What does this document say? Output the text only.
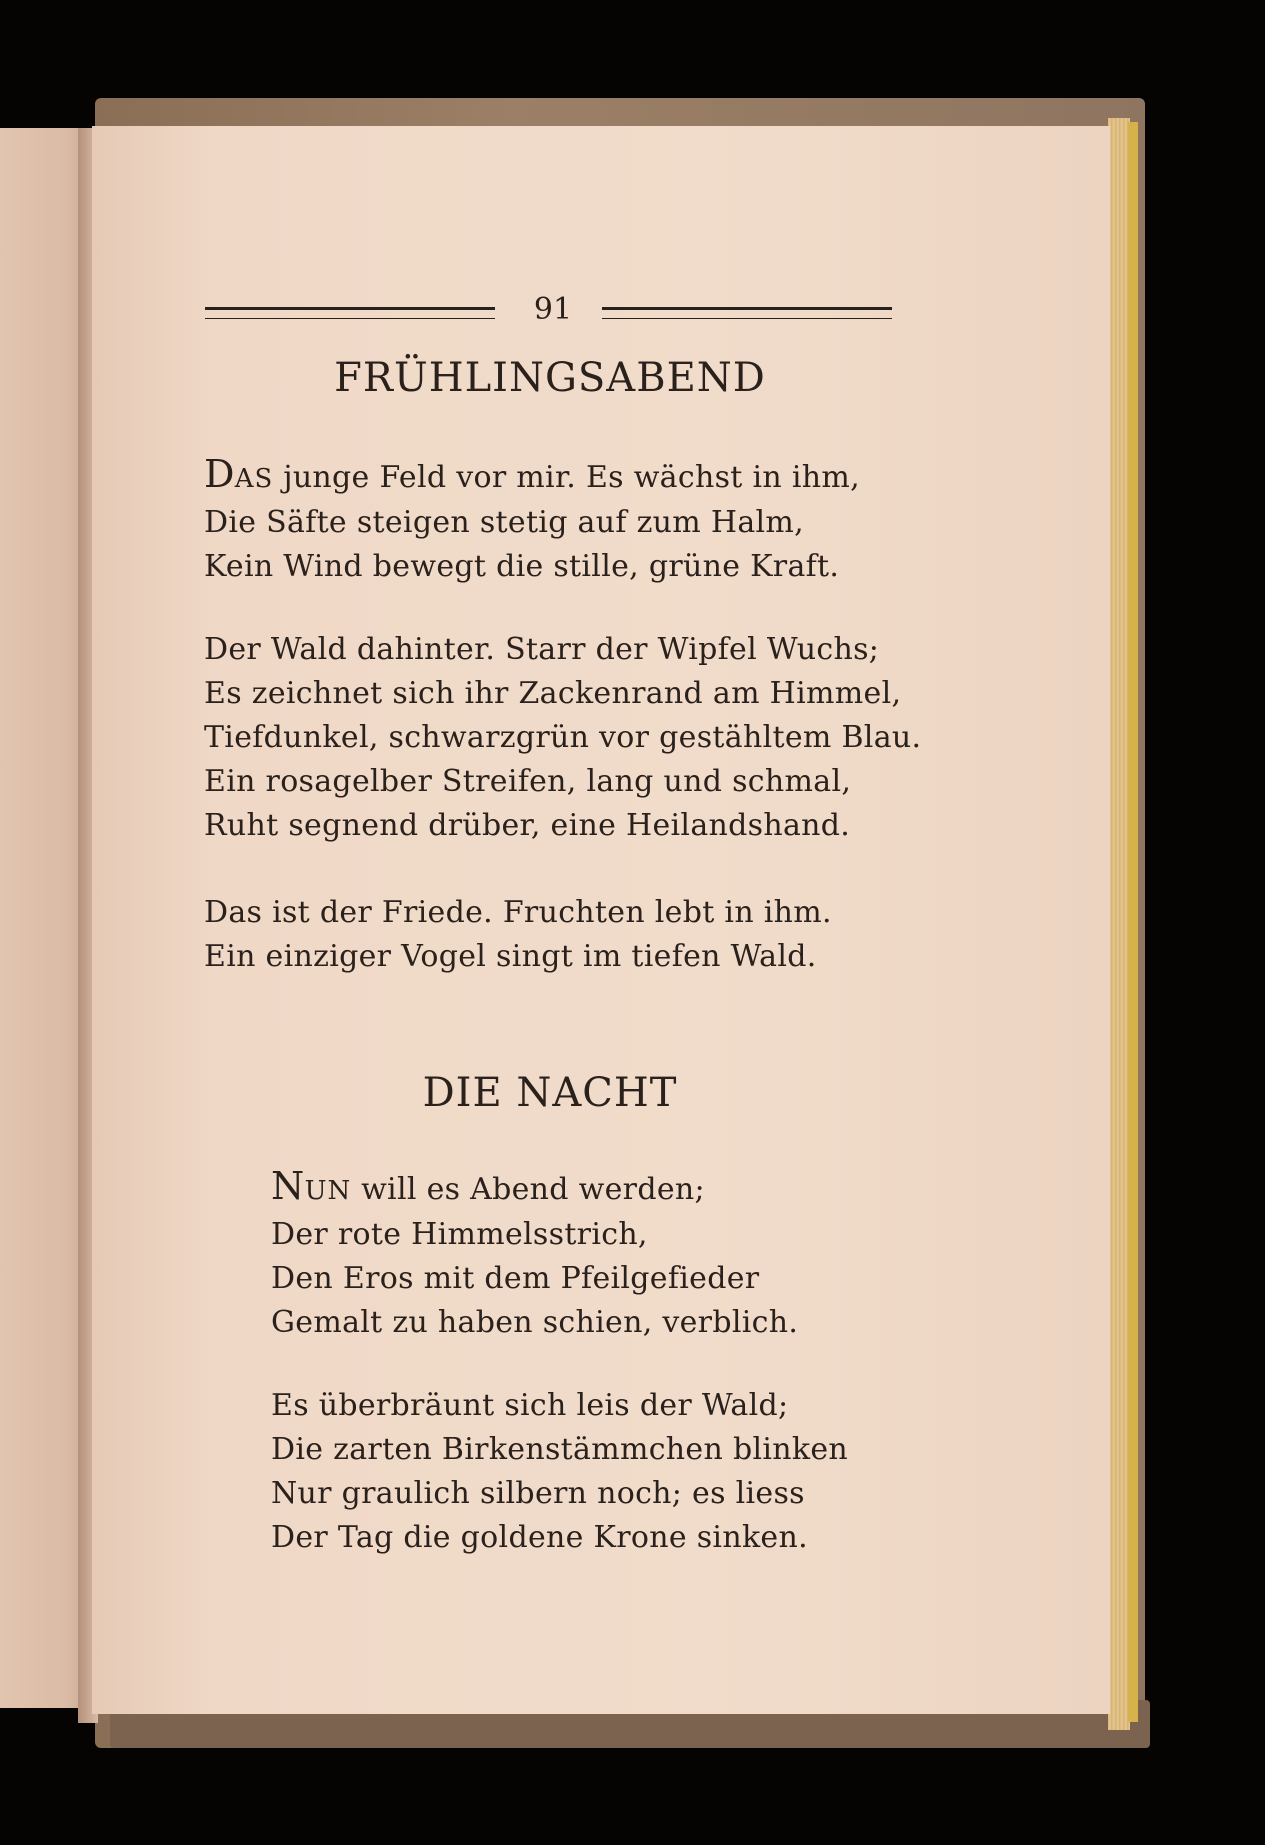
91
FRÜHLINGSABEND
DAS junge Feld vor mir. Es wächst in ihm,
Die Säfte steigen stetig auf zum Halm,
Kein Wind bewegt die stille, grüne Kraft.
Der Wald dahinter. Starr der Wipfel Wuchs;
Es zeichnet sich ihr Zackenrand am Himmel,
Tiefdunkel, schwarzgrün vor gestähltem Blau.
Ein rosagelber Streifen, lang und schmal,
Ruht segnend drüber, eine Heilandshand.
Das ist der Friede. Fruchten lebt in ihm.
Ein einziger Vogel singt im tiefen Wald.
DIE NACHT
NUN will es Abend werden;
Der rote Himmelsstrich,
Den Eros mit dem Pfeilgefieder
Gemalt zu haben schien, verblich.
Es überbräunt sich leis der Wald;
Die zarten Birkenstämmchen blinken
Nur graulich silbern noch; es liess
Der Tag die goldene Krone sinken.
